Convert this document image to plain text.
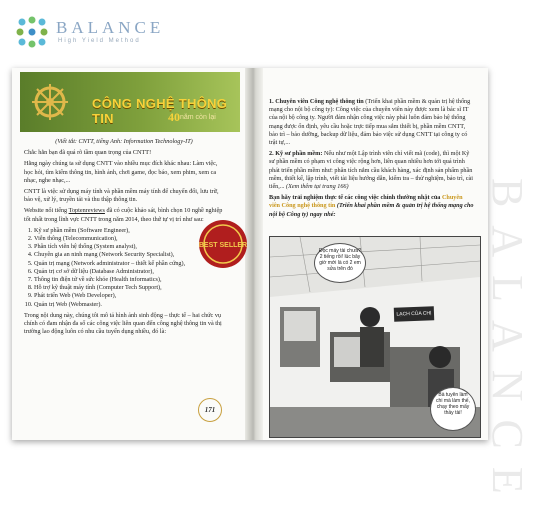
BALANCE
High Yield Method
CÔNG NGHỆ THÔNG TIN	40 năm còn lại
BEST SELLER

(Viết tắt: CNTT, tiếng Anh: Information Technology-IT)

Chắc hẳn bạn đã quá rõ tầm quan trọng của CNTT!

Hằng ngày chúng ta sử dụng CNTT vào nhiều mục đích khác nhau: Làm việc, học hỏi, tìm kiếm thông tin, hình ảnh, chơi game, đọc báo, xem phim, xem ca nhạc, nghe nhạc,...

CNTT là việc sử dụng máy tính và phần mềm máy tính để chuyển đổi, lưu trữ, bảo vệ, xử lý, truyền tải và thu thập thông tin.

Website nổi tiếng Toptenreviews đã có cuộc khảo sát, bình chọn 10 nghề nghiệp tốt nhất trong lĩnh vực CNTT trong năm 2014, theo thứ tự vị trí như sau:

1. Kỹ sư phần mềm (Software Engineer),
2. Viễn thông (Telecommunication),
3. Phân tích viên hệ thống (System analyst),
4. Chuyên gia an ninh mạng (Network Security Specialist),
5. Quản trị mạng (Network administrator – thiết kế phần cứng),
6. Quản trị cơ sở dữ liệu (Database Administrator),
7. Thông tin điện tử về sức khỏe (Health informatics),
8. Hỗ trợ kỹ thuật máy tính (Computer Tech Support),
9. Phát triển Web (Web Developer),
10. Quản trị Web (Webmaster).

Trong nội dung này, chúng tôi mô tả hình ảnh sinh động – thực tế – hai chức vụ chính có đam nhận đa số các công việc liên quan đến công nghệ thông tin và thị trường lao động luôn có nhu cầu tuyển dụng nhiều, đó là:

171	BALANCE

1. Chuyên viên Công nghệ thông tin (Triển khai phần mềm & quản trị hệ thống mạng cho nội bộ công ty): Công việc của chuyên viên này được xem là bác sĩ IT của nội bộ công ty. Người đảm nhận công việc này phải luôn đảm bảo hệ thống mạng được ổn định, yêu cầu hoặc trực tiếp mua sắm thiết bị, phần mềm CNTT, bảo trì – bảo dưỡng, backup dữ liệu, đảm bảo việc sử dụng CNTT tại công ty có trật tự,...

2. Kỹ sư phần mềm: Nếu như một Lập trình viên chỉ viết mã (code), thì một Kỹ sư phần mềm có phạm vi công việc rộng hơn, liên quan nhiều hơn tới quá trình phát triển phần mềm như: phân tích nắm cầu khách hàng, xác định sản phẩm phần mềm, thiết kế, lập trình, viết tài liệu hướng dẫn, kiểm tra – thử nghiệm, bảo trì, cài tiến,... (Xem thêm tại trang 166)

Bạn hãy trải nghiệm thực tế các công việc chính thường nhật của Chuyên viên Công nghệ thông tin (Triển khai phần mềm & quản trị hệ thống mạng cho nội bộ Công ty) ngay nhé:

Đọc máy tài chưa? 2 tiếng rồi! lúc bây giờ mới là có 2 em sửa trên đó
LẠCH CỦA CHỊ
Bà tuyên làm chi mà làm thế, chạy theo mấy thầy tài!
